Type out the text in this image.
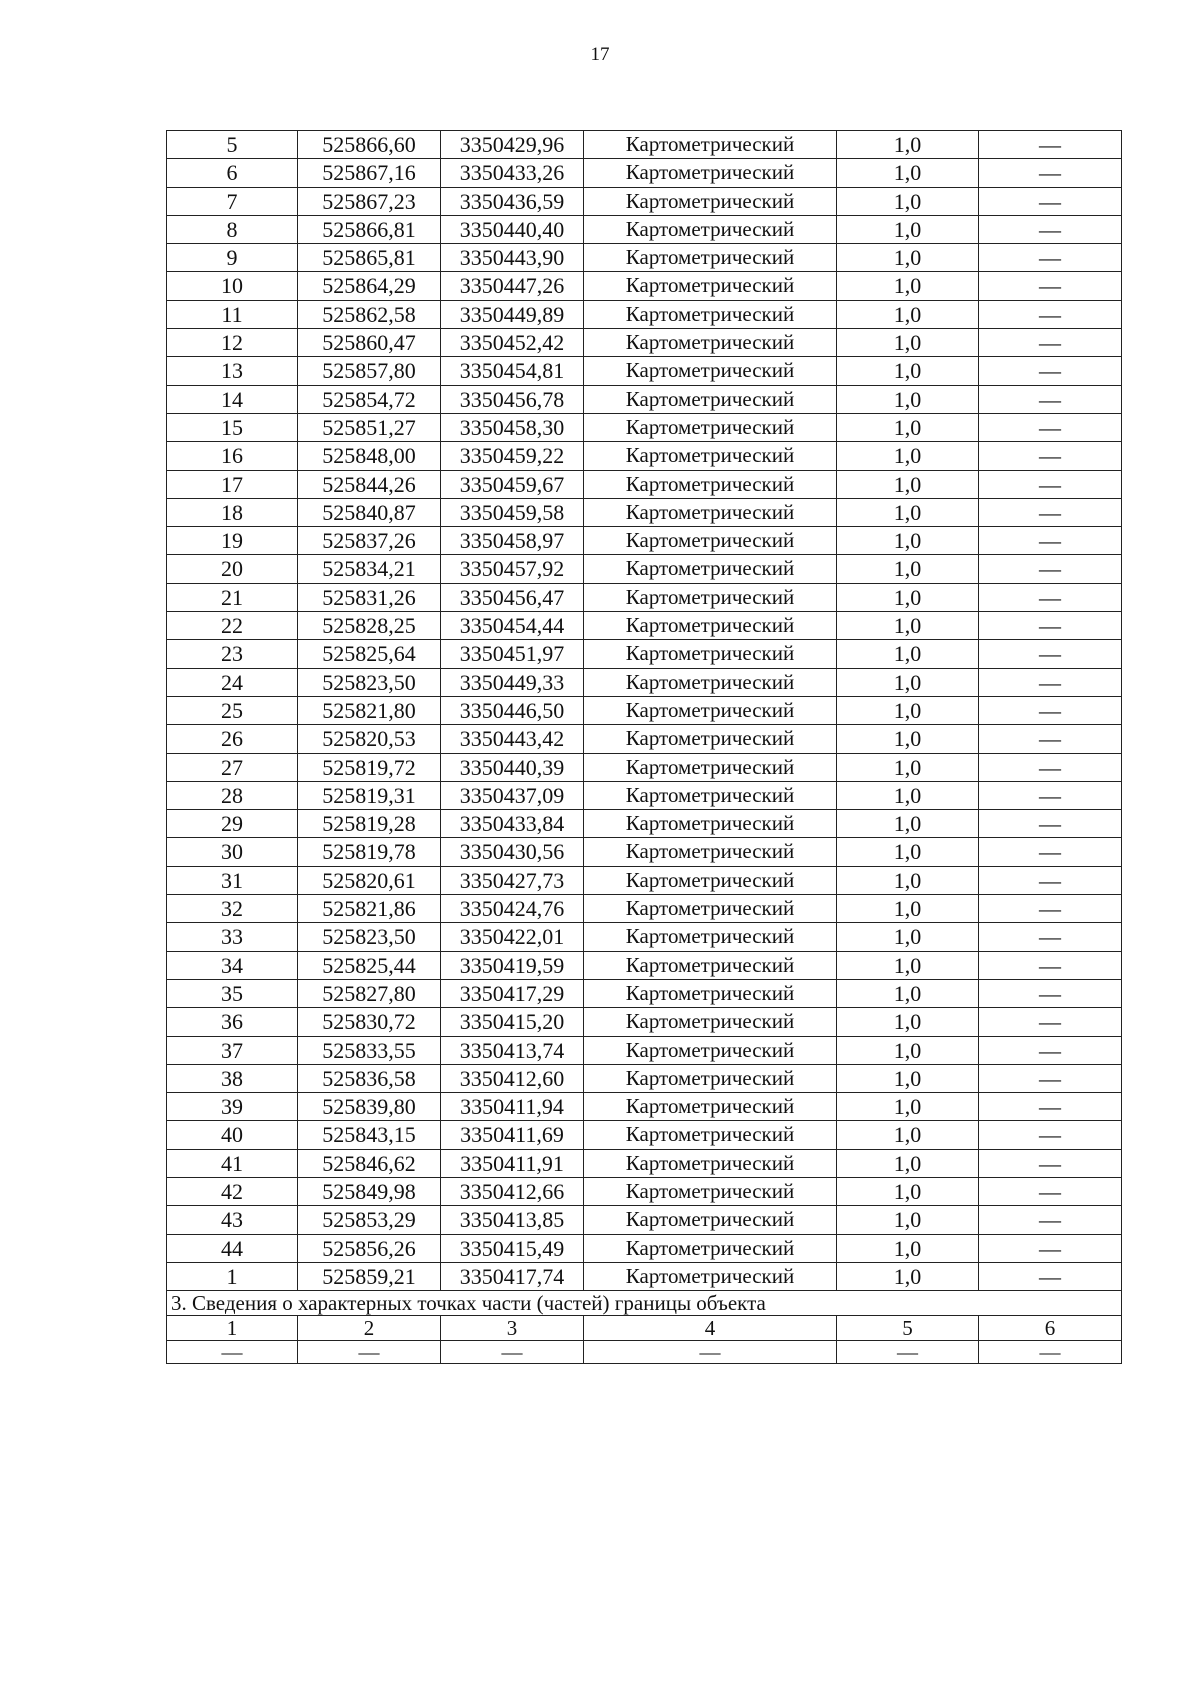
17
5	525866,60	3350429,96	Картометрический	1,0	—
6	525867,16	3350433,26	Картометрический	1,0	—
7	525867,23	3350436,59	Картометрический	1,0	—
8	525866,81	3350440,40	Картометрический	1,0	—
9	525865,81	3350443,90	Картометрический	1,0	—
10	525864,29	3350447,26	Картометрический	1,0	—
11	525862,58	3350449,89	Картометрический	1,0	—
12	525860,47	3350452,42	Картометрический	1,0	—
13	525857,80	3350454,81	Картометрический	1,0	—
14	525854,72	3350456,78	Картометрический	1,0	—
15	525851,27	3350458,30	Картометрический	1,0	—
16	525848,00	3350459,22	Картометрический	1,0	—
17	525844,26	3350459,67	Картометрический	1,0	—
18	525840,87	3350459,58	Картометрический	1,0	—
19	525837,26	3350458,97	Картометрический	1,0	—
20	525834,21	3350457,92	Картометрический	1,0	—
21	525831,26	3350456,47	Картометрический	1,0	—
22	525828,25	3350454,44	Картометрический	1,0	—
23	525825,64	3350451,97	Картометрический	1,0	—
24	525823,50	3350449,33	Картометрический	1,0	—
25	525821,80	3350446,50	Картометрический	1,0	—
26	525820,53	3350443,42	Картометрический	1,0	—
27	525819,72	3350440,39	Картометрический	1,0	—
28	525819,31	3350437,09	Картометрический	1,0	—
29	525819,28	3350433,84	Картометрический	1,0	—
30	525819,78	3350430,56	Картометрический	1,0	—
31	525820,61	3350427,73	Картометрический	1,0	—
32	525821,86	3350424,76	Картометрический	1,0	—
33	525823,50	3350422,01	Картометрический	1,0	—
34	525825,44	3350419,59	Картометрический	1,0	—
35	525827,80	3350417,29	Картометрический	1,0	—
36	525830,72	3350415,20	Картометрический	1,0	—
37	525833,55	3350413,74	Картометрический	1,0	—
38	525836,58	3350412,60	Картометрический	1,0	—
39	525839,80	3350411,94	Картометрический	1,0	—
40	525843,15	3350411,69	Картометрический	1,0	—
41	525846,62	3350411,91	Картометрический	1,0	—
42	525849,98	3350412,66	Картометрический	1,0	—
43	525853,29	3350413,85	Картометрический	1,0	—
44	525856,26	3350415,49	Картометрический	1,0	—
1	525859,21	3350417,74	Картометрический	1,0	—
3. Сведения о характерных точках части (частей) границы объекта					
1	2	3	4	5	6
—	—	—	—	—	—
